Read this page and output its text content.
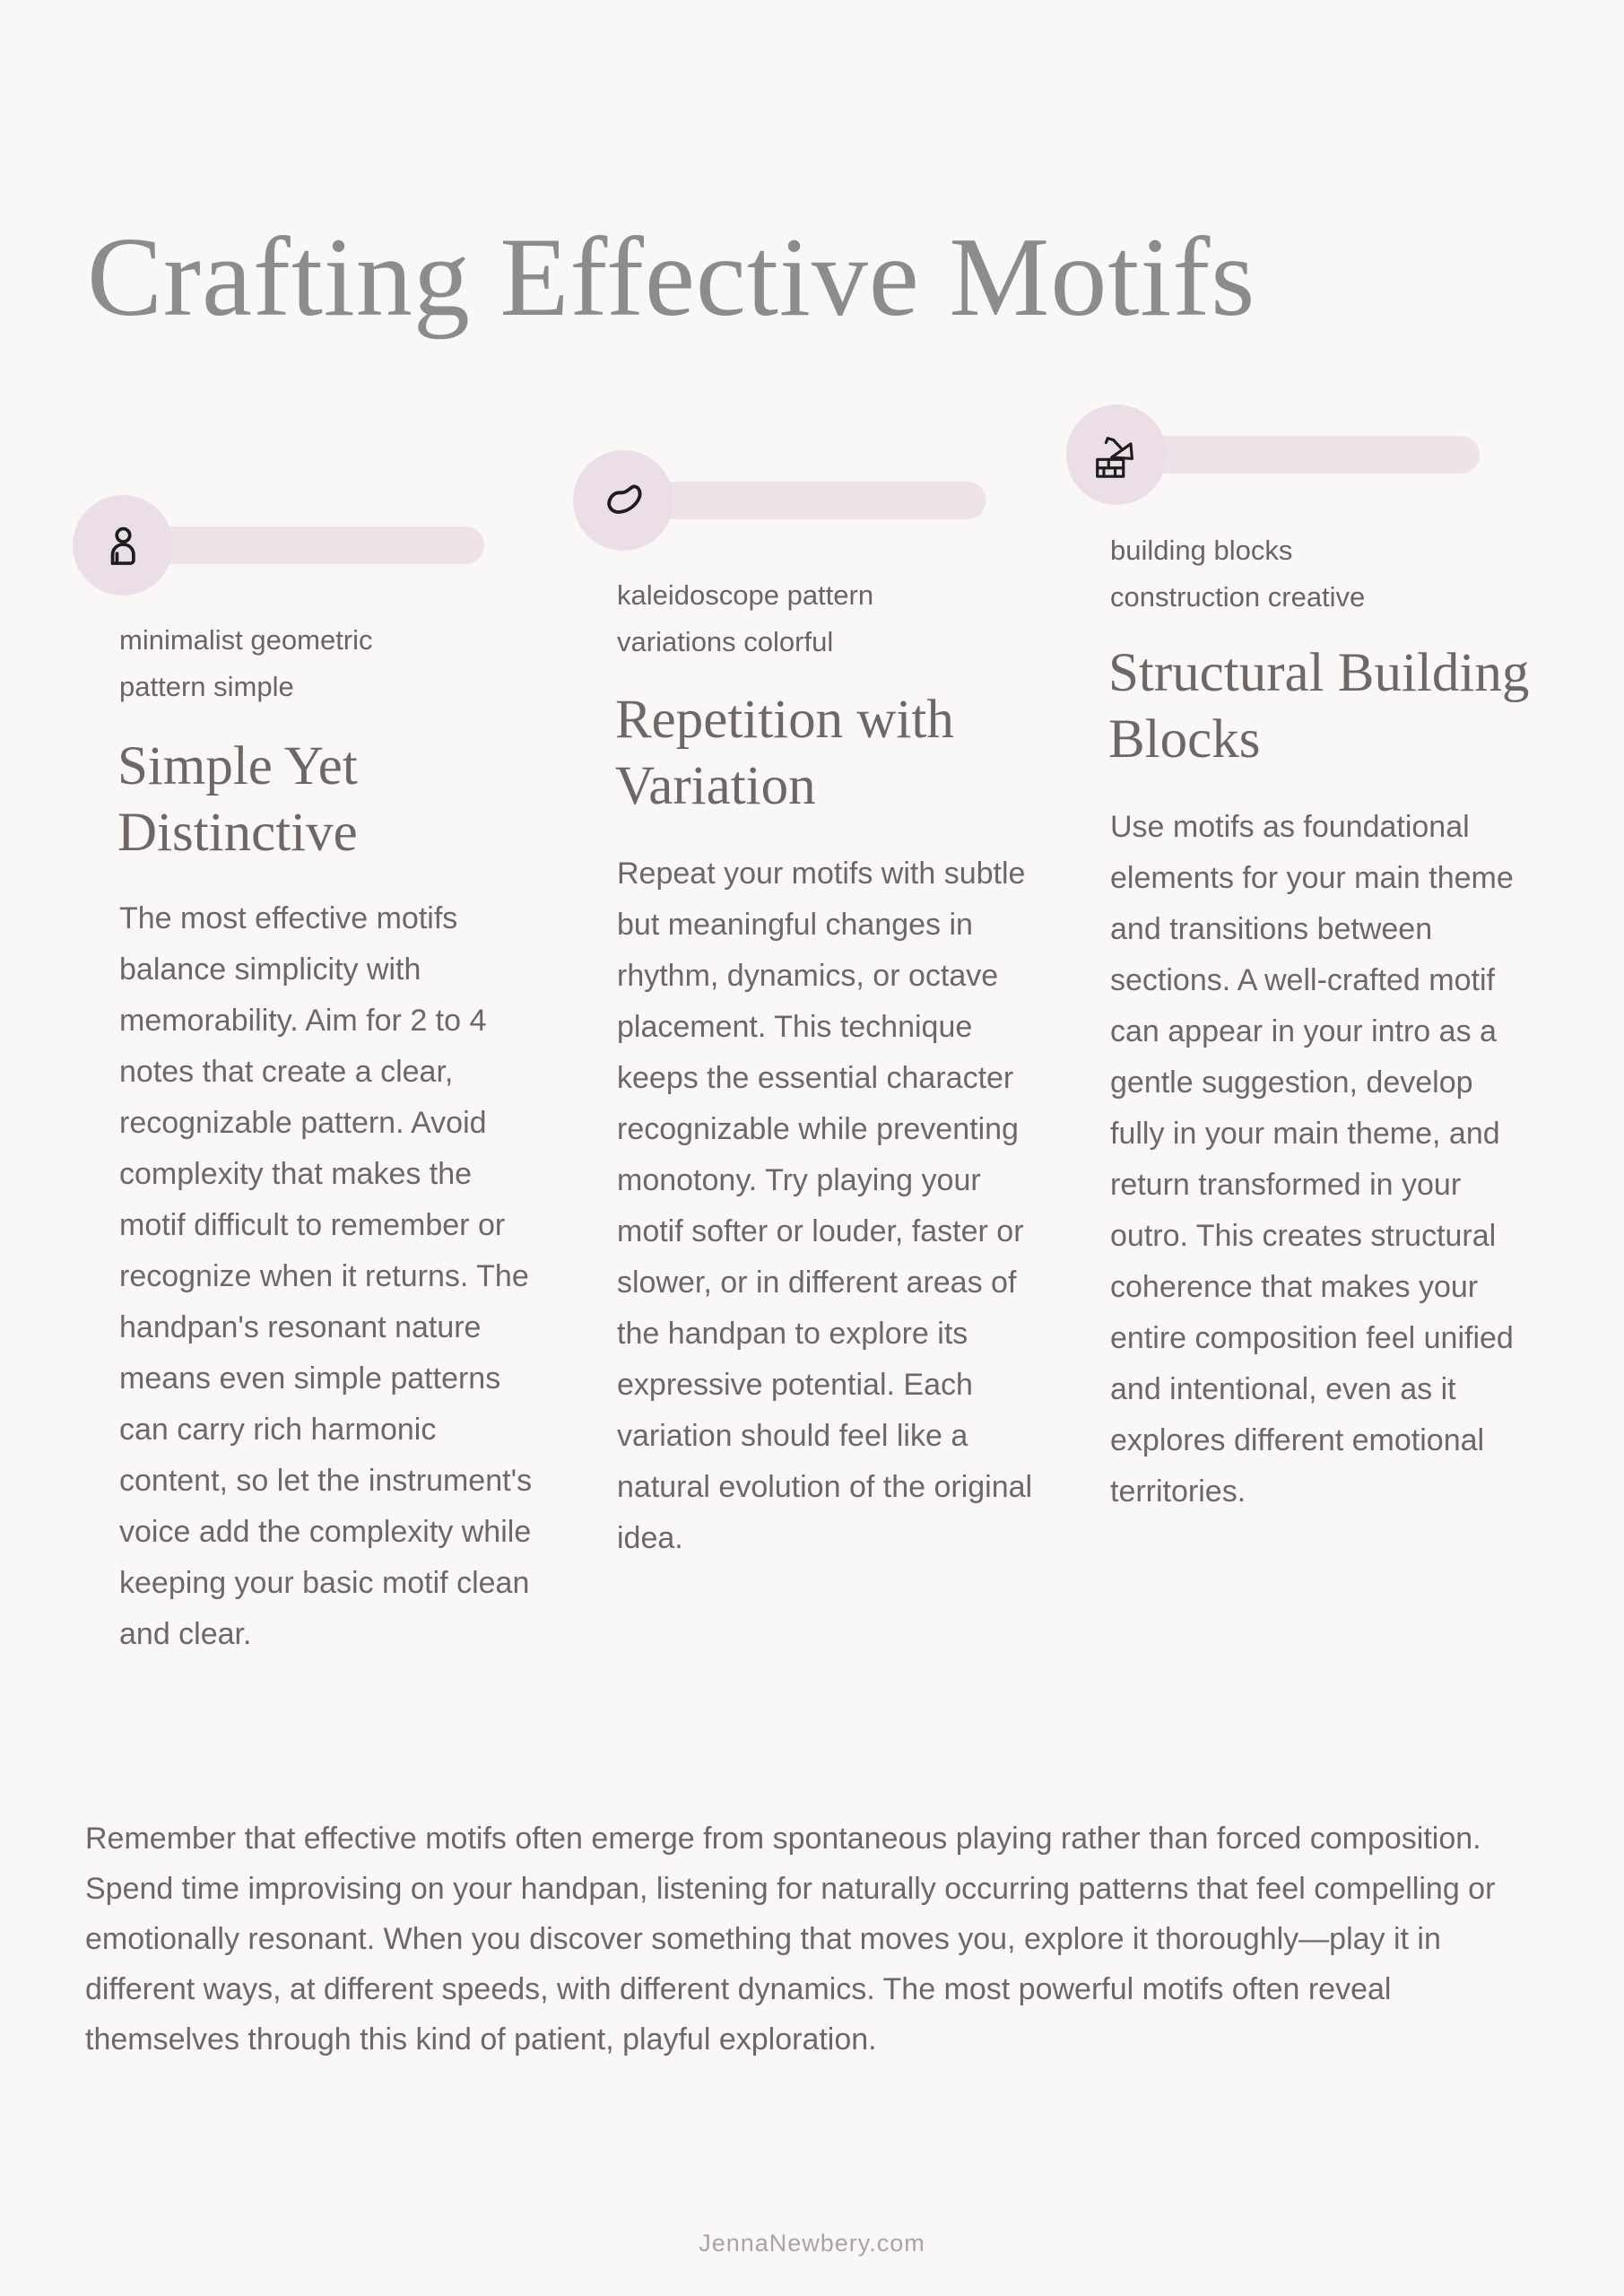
Crafting Effective Motifs

minimalist geometric pattern simple

Simple Yet Distinctive

The most effective motifs balance simplicity with memorability. Aim for 2 to 4 notes that create a clear, recognizable pattern. Avoid complexity that makes the motif difficult to remember or recognize when it returns. The handpan's resonant nature means even simple patterns can carry rich harmonic content, so let the instrument's voice add the complexity while keeping your basic motif clean and clear.

kaleidoscope pattern variations colorful

Repetition with Variation

Repeat your motifs with subtle but meaningful changes in rhythm, dynamics, or octave placement. This technique keeps the essential character recognizable while preventing monotony. Try playing your motif softer or louder, faster or slower, or in different areas of the handpan to explore its expressive potential. Each variation should feel like a natural evolution of the original idea.

building blocks construction creative

Structural Building Blocks

Use motifs as foundational elements for your main theme and transitions between sections. A well-crafted motif can appear in your intro as a gentle suggestion, develop fully in your main theme, and return transformed in your outro. This creates structural coherence that makes your entire composition feel unified and intentional, even as it explores different emotional territories.

Remember that effective motifs often emerge from spontaneous playing rather than forced composition. Spend time improvising on your handpan, listening for naturally occurring patterns that feel compelling or emotionally resonant. When you discover something that moves you, explore it thoroughly—play it in different ways, at different speeds, with different dynamics. The most powerful motifs often reveal themselves through this kind of patient, playful exploration.

JennaNewbery.com
